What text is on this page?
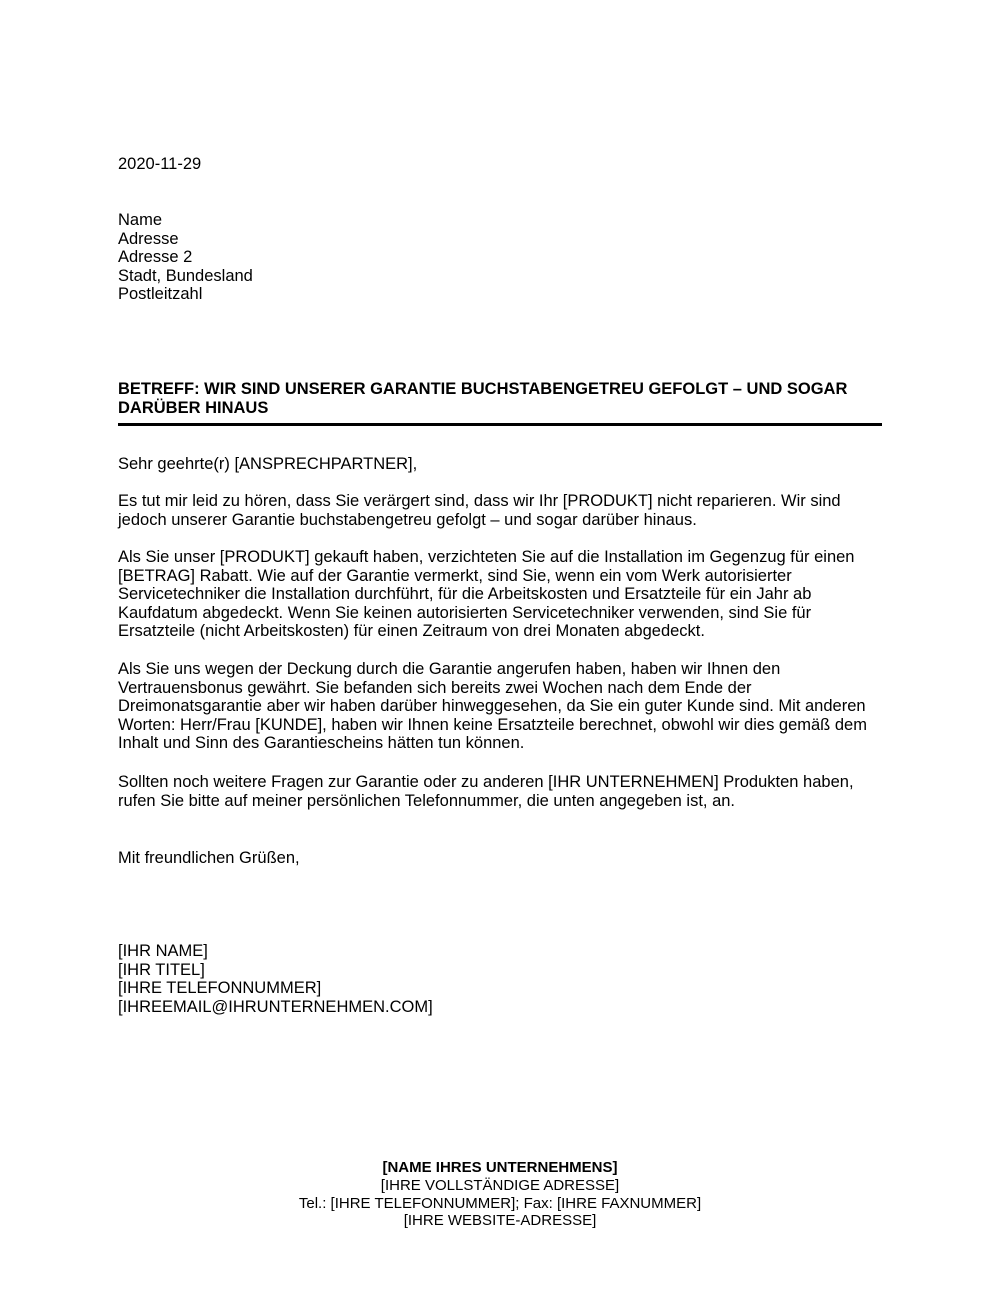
2020-11-29
Name
Adresse
Adresse 2
Stadt, Bundesland
Postleitzahl
BETREFF: WIR SIND UNSERER GARANTIE BUCHSTABENGETREU GEFOLGT – UND SOGAR DARÜBER HINAUS
Sehr geehrte(r) [ANSPRECHPARTNER],
Es tut mir leid zu hören, dass Sie verärgert sind, dass wir Ihr [PRODUKT] nicht reparieren. Wir sind jedoch unserer Garantie buchstabengetreu gefolgt – und sogar darüber hinaus.
Als Sie unser [PRODUKT] gekauft haben, verzichteten Sie auf die Installation im Gegenzug für einen [BETRAG] Rabatt. Wie auf der Garantie vermerkt, sind Sie, wenn ein vom Werk autorisierter Servicetechniker die Installation durchführt, für die Arbeitskosten und Ersatzteile für ein Jahr ab Kaufdatum abgedeckt. Wenn Sie keinen autorisierten Servicetechniker verwenden, sind Sie für Ersatzteile (nicht Arbeitskosten) für einen Zeitraum von drei Monaten abgedeckt.
Als Sie uns wegen der Deckung durch die Garantie angerufen haben, haben wir Ihnen den Vertrauensbonus gewährt. Sie befanden sich bereits zwei Wochen nach dem Ende der Dreimonatsgarantie aber wir haben darüber hinweggesehen, da Sie ein guter Kunde sind. Mit anderen Worten: Herr/Frau [KUNDE], haben wir Ihnen keine Ersatzteile berechnet, obwohl wir dies gemäß dem Inhalt und Sinn des Garantiescheins hätten tun können.
Sollten noch weitere Fragen zur Garantie oder zu anderen [IHR UNTERNEHMEN] Produkten haben, rufen Sie bitte auf meiner persönlichen Telefonnummer, die unten angegeben ist, an.
Mit freundlichen Grüßen,
[IHR NAME]
[IHR TITEL]
[IHRE TELEFONNUMMER]
[IHREEMAIL@IHRUNTERNEHMEN.COM]
[NAME IHRES UNTERNEHMENS]
[IHRE VOLLSTÄNDIGE ADRESSE]
Tel.: [IHRE TELEFONNUMMER]; Fax: [IHRE FAXNUMMER]
[IHRE WEBSITE-ADRESSE]
